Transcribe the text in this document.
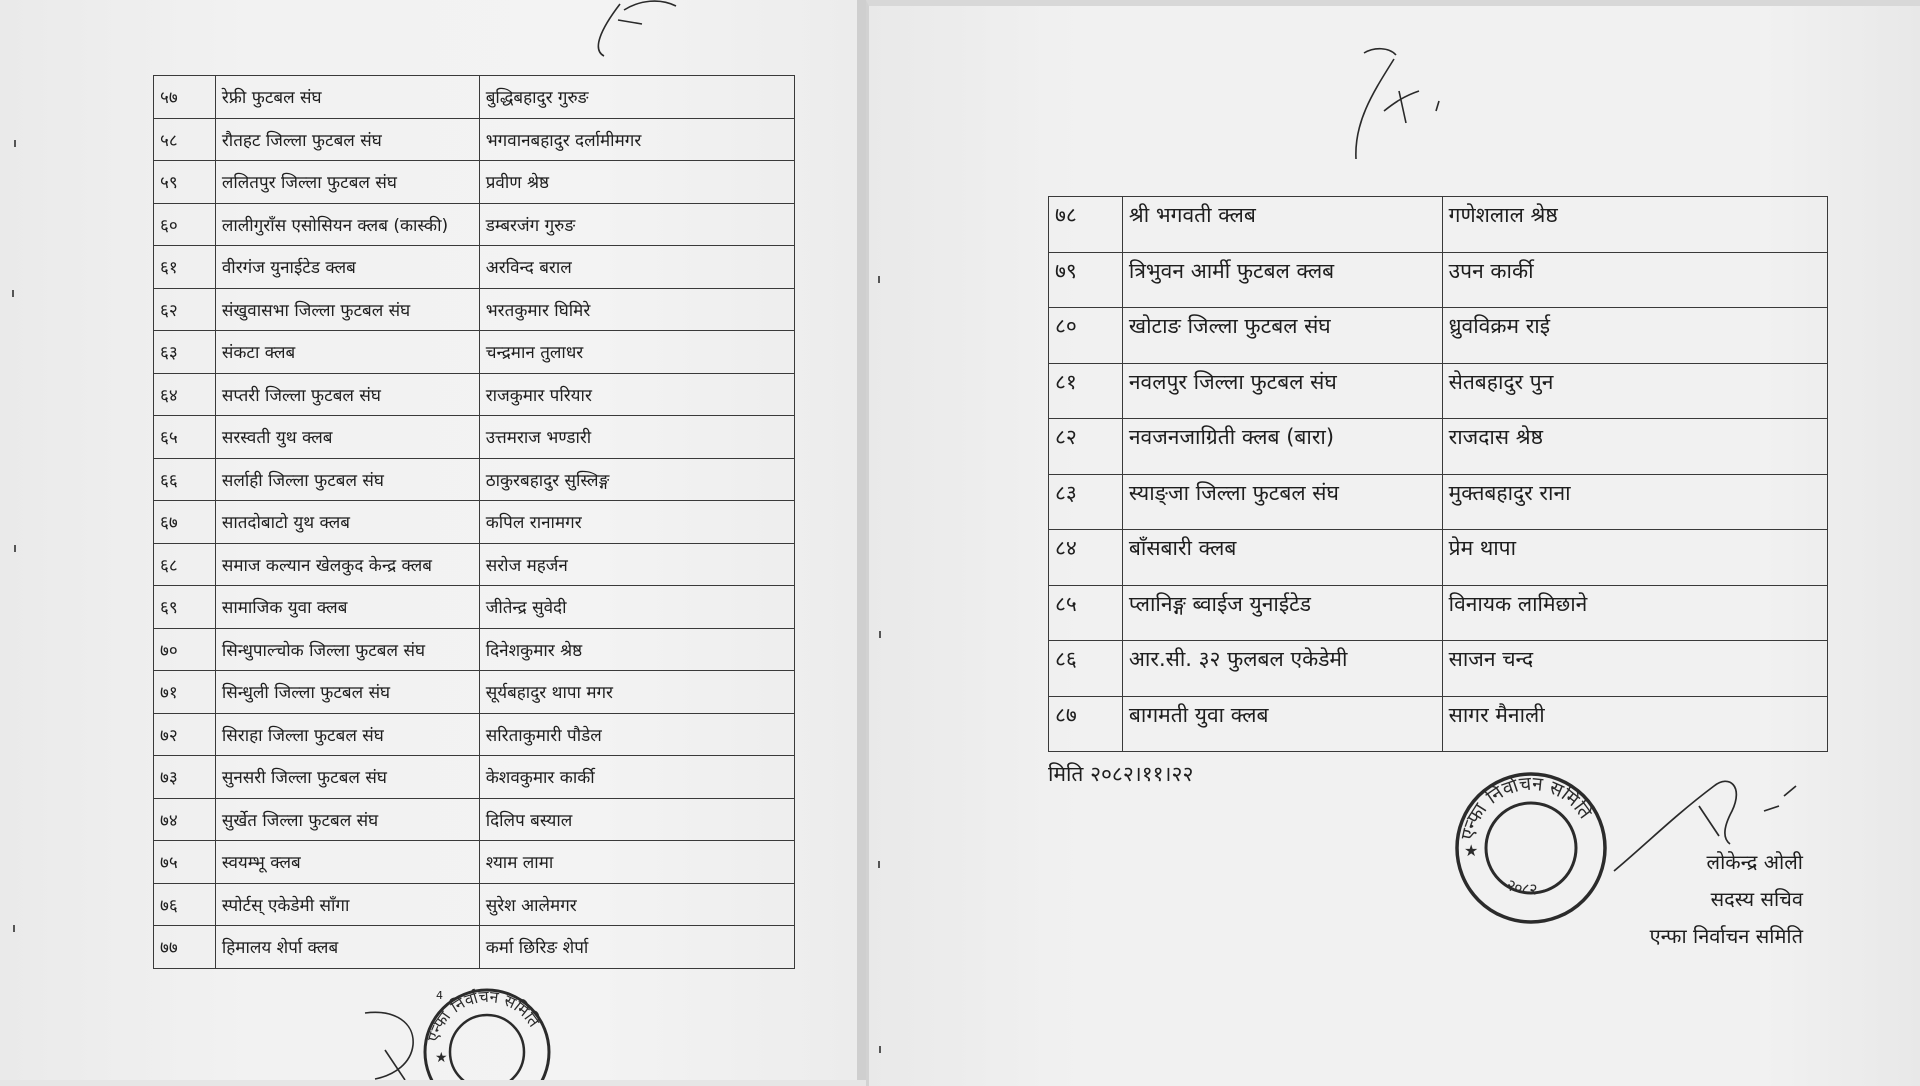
५७	रेफ्री फुटबल संघ	बुद्धिबहादुर गुरुङ
५८	रौतहट जिल्ला फुटबल संघ	भगवानबहादुर दर्लामीमगर
५९	ललितपुर जिल्ला फुटबल संघ	प्रवीण श्रेष्ठ
६०	लालीगुराँस एसोसियन क्लब (कास्की)	डम्बरजंग गुरुङ
६१	वीरगंज युनाईटेड क्लब	अरविन्द बराल
६२	संखुवासभा जिल्ला फुटबल संघ	भरतकुमार घिमिरे
६३	संकटा क्लब	चन्द्रमान तुलाधर
६४	सप्तरी जिल्ला फुटबल संघ	राजकुमार परियार
६५	सरस्वती युथ क्लब	उत्तमराज भण्डारी
६६	सर्लाही जिल्ला फुटबल संघ	ठाकुरबहादुर सुस्लिङ्ग
६७	सातदोबाटो युथ क्लब	कपिल रानामगर
६८	समाज कल्यान खेलकुद केन्द्र क्लब	सरोज महर्जन
६९	सामाजिक युवा क्लब	जीतेन्द्र सुवेदी
७०	सिन्धुपाल्चोक जिल्ला फुटबल संघ	दिनेशकुमार श्रेष्ठ
७१	सिन्धुली जिल्ला फुटबल संघ	सूर्यबहादुर थापा मगर
७२	सिराहा जिल्ला फुटबल संघ	सरिताकुमारी पौडेल
७३	सुनसरी जिल्ला फुटबल संघ	केशवकुमार कार्की
७४	सुर्खेत जिल्ला फुटबल संघ	दिलिप बस्याल
७५	स्वयम्भू क्लब	श्याम लामा
७६	स्पोर्टस् एकेडेमी साँगा	सुरेश आलेमगर
७७	हिमालय शेर्पा क्लब	कर्मा छिरिङ शेर्पा
एन्फा निर्वाचन समिति
★
4
७८	श्री भगवती क्लब	गणेशलाल श्रेष्ठ
७९	त्रिभुवन आर्मी फुटबल क्लब	उपन कार्की
८०	खोटाङ जिल्ला फुटबल संघ	ध्रुवविक्रम राई
८१	नवलपुर जिल्ला फुटबल संघ	सेतबहादुर पुन
८२	नवजनजाग्रिती क्लब (बारा)	राजदास श्रेष्ठ
८३	स्याङ्जा जिल्ला फुटबल संघ	मुक्तबहादुर राना
८४	बाँसबारी क्लब	प्रेम थापा
८५	प्लानिङ्ग ब्वाईज युनाईटेड	विनायक लामिछाने
८६	आर.सी. ३२ फुलबल एकेडेमी	साजन चन्द
८७	बागमती युवा क्लब	सागर मैनाली
मिति २०८२।११।२२
एन्फा निर्वाचन समिति
२०८२
★	लोकेन्द्र ओली
सदस्य सचिव
एन्फा निर्वाचन समिति
